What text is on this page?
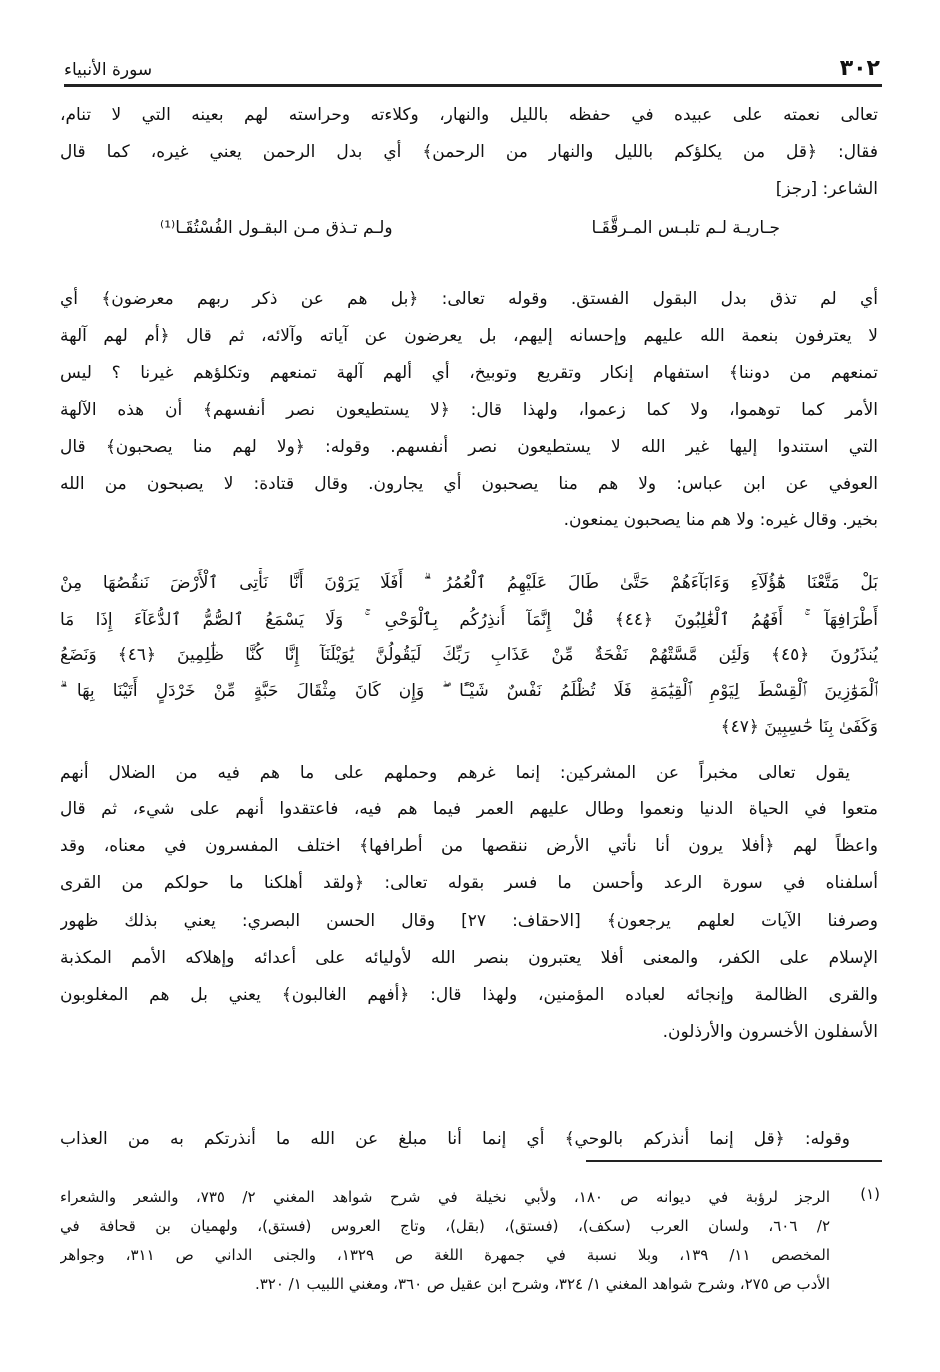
٣٠٢
سورة الأنبياء
تعالى نعمته على عبيده في حفظه بالليل والنهار، وكلاءته وحراسته لهم بعينه التي لا تنام،
فقال: ﴿قل من يكلؤكم بالليل والنهار من الرحمن﴾ أي بدل الرحمن يعني غيره، كما قال
الشاعر: [رجز]
جـاريـة لـم تلبـس المـرقَّقَـا
ولـم تـذق مـن البقـول الفُسْتُقَـا⁽¹⁾
أي لم تذق بدل البقول الفستق. وقوله تعالى: ﴿بل هم عن ذكر ربهم معرضون﴾ أي
لا يعترفون بنعمة الله عليهم وإحسانه إليهم، بل يعرضون عن آياته وآلائه، ثم قال ﴿أم لهم آلهة
تمنعهم من دوننا﴾ استفهام إنكار وتقريع وتوبيخ، أي ألهم آلهة تمنعهم وتكلؤهم غيرنا ؟ ليس
الأمر كما توهموا، ولا كما زعموا، ولهذا قال: ﴿لا يستطيعون نصر أنفسهم﴾ أن هذه الآلهة
التي استندوا إليها غير الله لا يستطيعون نصر أنفسهم. وقوله: ﴿ولا لهم منا يصحبون﴾ قال
العوفي عن ابن عباس: ولا هم منا يصحبون أي يجارون. وقال قتادة: لا يصبحون من الله
بخير. وقال غيره: ولا هم منا يصحبون يمنعون.
بَلْ مَتَّعْنَا هَٰٓؤُلَآءِ وَءَابَآءَهُمْ حَتَّىٰ طَالَ عَلَيْهِمُ ٱلْعُمُرُ ۗ أَفَلَا يَرَوْنَ أَنَّا نَأْتِى ٱلْأَرْضَ نَنقُصُهَا مِنْ
أَطْرَافِهَآ ۚ أَفَهُمُ ٱلْغَٰلِبُونَ ﴿٤٤﴾ قُلْ إِنَّمَآ أُنذِرُكُم بِٱلْوَحْىِ ۚ وَلَا يَسْمَعُ ٱلصُّمُّ ٱلدُّعَآءَ إِذَا مَا
يُنذَرُونَ ﴿٤٥﴾ وَلَئِن مَّسَّتْهُمْ نَفْحَةٌ مِّنْ عَذَابِ رَبِّكَ لَيَقُولُنَّ يَٰوَيْلَنَآ إِنَّا كُنَّا ظَٰلِمِينَ ﴿٤٦﴾ وَنَضَعُ
ٱلْمَوَٰزِينَ ٱلْقِسْطَ لِيَوْمِ ٱلْقِيَٰمَةِ فَلَا تُظْلَمُ نَفْسٌ شَيْـًٔا ۖ وَإِن كَانَ مِثْقَالَ حَبَّةٍ مِّنْ خَرْدَلٍ أَتَيْنَا بِهَا ۗ
وَكَفَىٰ بِنَا حَٰسِبِينَ ﴿٤٧﴾
يقول تعالى مخبراً عن المشركين: إنما غرهم وحملهم على ما هم فيه من الضلال أنهم
متعوا في الحياة الدنيا ونعموا وطال عليهم العمر فيما هم فيه، فاعتقدوا أنهم على شيء، ثم قال
واعظاً لهم ﴿أفلا يرون أنا نأتي الأرض ننقصها من أطرافها﴾ اختلف المفسرون في معناه، وقد
أسلفناه في سورة الرعد وأحسن ما فسر بقوله تعالى: ﴿ولقد أهلكنا ما حولكم من القرى
وصرفنا الآيات لعلهم يرجعون﴾ [الاحقاف: ٢٧] وقال الحسن البصري: يعني بذلك ظهور
الإسلام على الكفر، والمعنى أفلا يعتبرون بنصر الله لأوليائه على أعدائه وإهلاكه الأمم المكذبة
والقرى الظالمة وإنجائه لعباده المؤمنين، ولهذا قال: ﴿أفهم الغالبون﴾ يعني بل هم المغلوبون
الأسفلون الأخسرون والأرذلون.
وقوله: ﴿قل إنما أنذركم بالوحي﴾ أي إنما أنا مبلغ عن الله ما أنذرتكم به من العذاب
(١)
الرجز لرؤبة في ديوانه ص ١٨٠، ولأبي نخيلة في شرح شواهد المغني ٢/ ٧٣٥، والشعر والشعراء
٢/ ٦٠٦، ولسان العرب (سكف)، (فستق)، (بقل)، وتاج العروس (فستق)، ولهميان بن قحافة في
المخصص ١١/ ١٣٩، وبلا نسبة في جمهرة اللغة ص ١٣٢٩، والجنى الداني ص ٣١١، وجواهر
الأدب ص ٢٧٥، وشرح شواهد المغني ١/ ٣٢٤، وشرح ابن عقيل ص ٣٦٠، ومغني اللبيب ١/ ٣٢٠.
